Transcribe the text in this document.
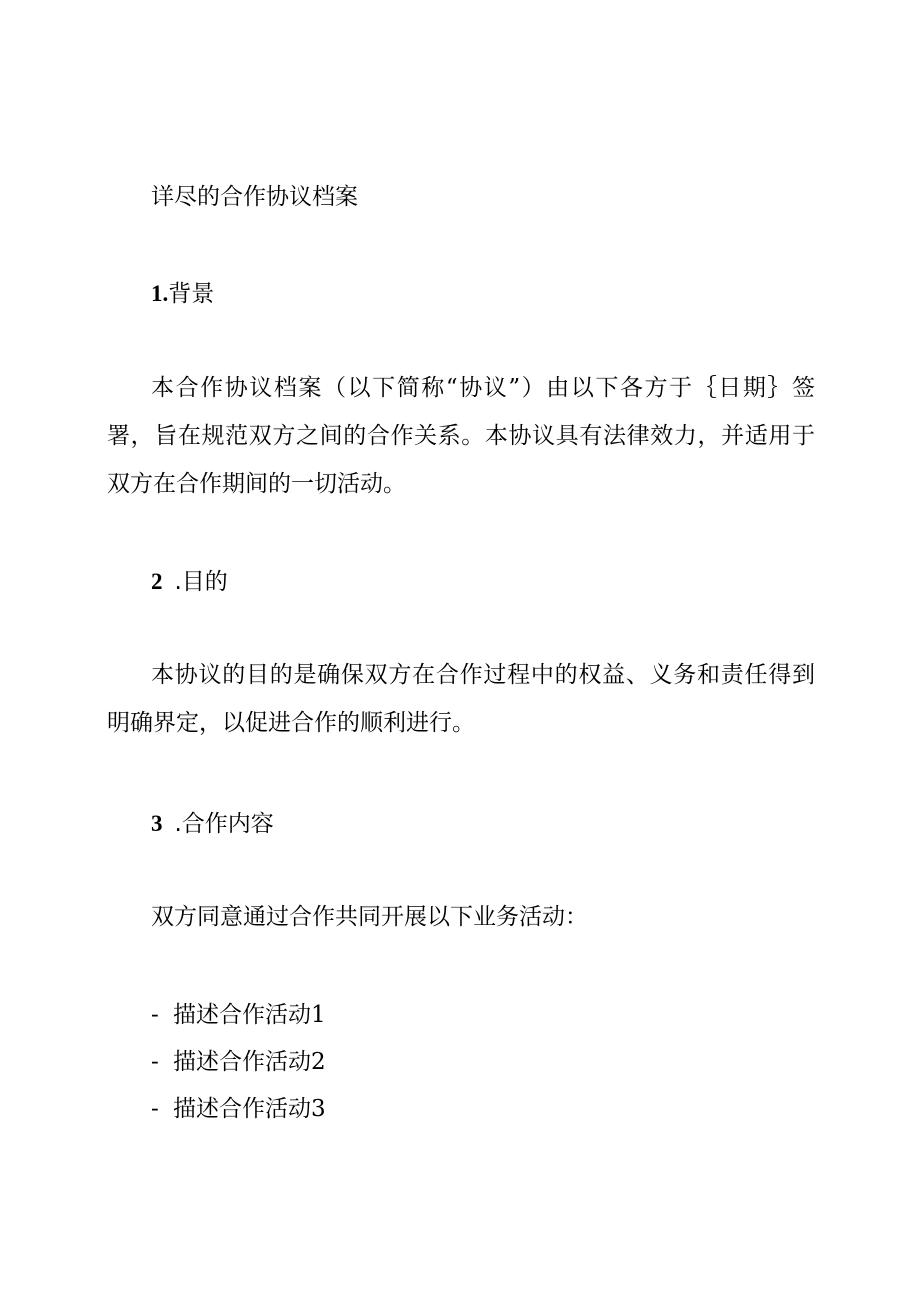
详尽的合作协议档案
1.背景

本合作协议档案（以下简称“协议”）由以下各方于｛日期｝签署，旨在规范双方之间的合作关系。本协议具有法律效力，并适用于双方在合作期间的一切活动。

2 .目的

本协议的目的是确保双方在合作过程中的权益、义务和责任得到明确界定，以促进合作的顺利进行。

3 .合作内容

双方同意通过合作共同开展以下业务活动：

- 描述合作活动1
- 描述合作活动2
- 描述合作活动3
